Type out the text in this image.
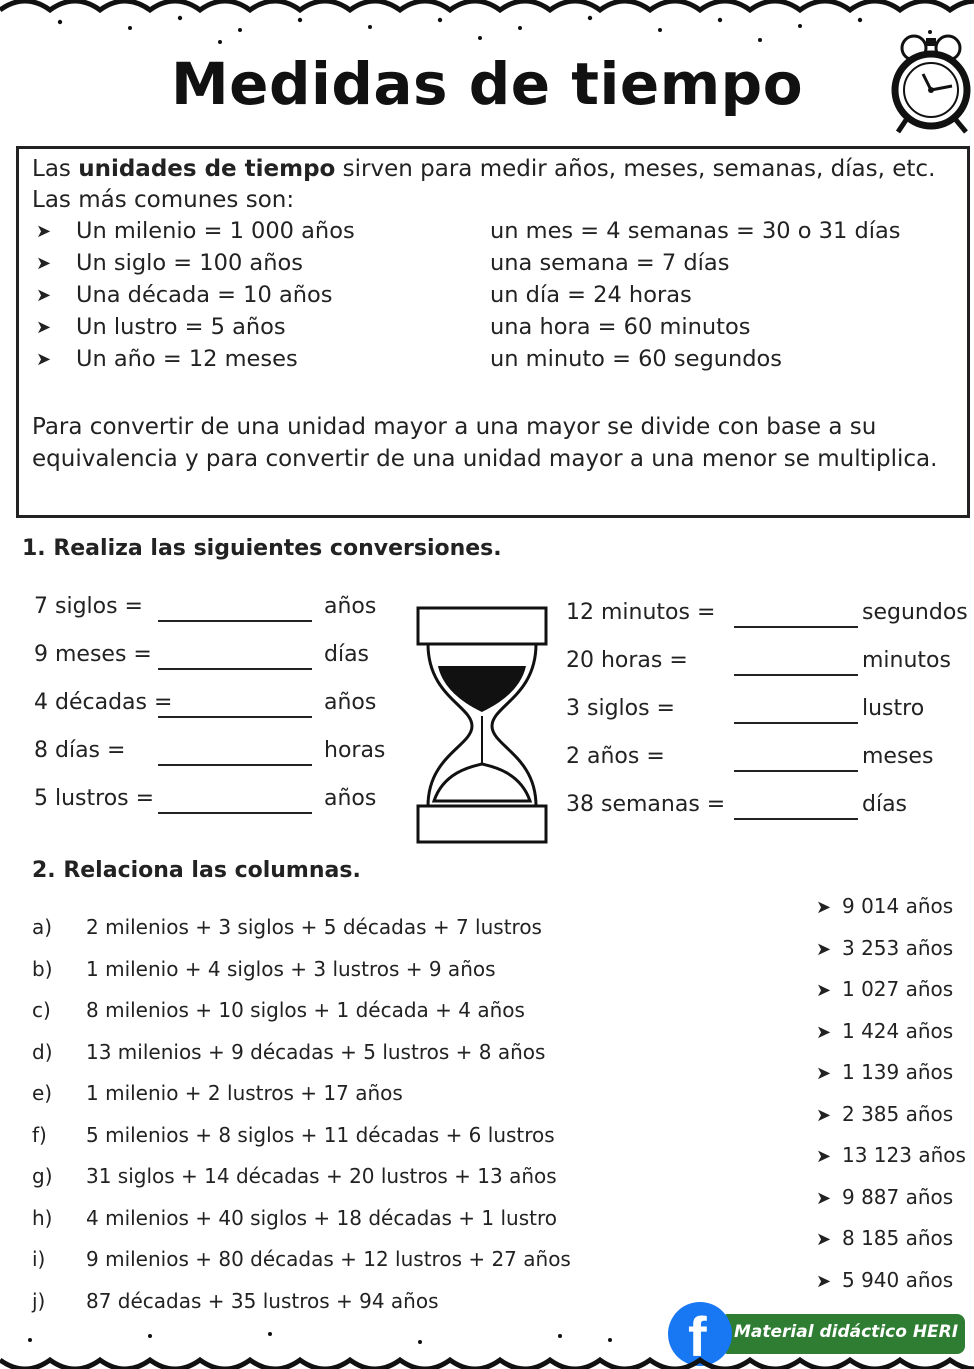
Medidas de tiempo
Las unidades de tiempo sirven para medir años, meses, semanas, días, etc. Las más comunes son:
➤ Un milenio = 1 000 años
➤ Un siglo = 100 años
➤ Una década = 10 años
➤ Un lustro = 5 años
➤ Un año = 12 meses
un mes = 4 semanas = 30 o 31 días
una semana = 7 días
un día = 24 horas
una hora = 60 minutos
un minuto = 60 segundos
Para convertir de una unidad mayor a una mayor se divide con base a su equivalencia y para convertir de una unidad mayor a una menor se multiplica.
1. Realiza las siguientes conversiones.
7 siglos =	años
9 meses =	días
4 décadas =	años
8 días =	horas
5 lustros =	años
12 minutos =	segundos
20 horas =	minutos
3 siglos =	lustro
2 años =	meses
38 semanas =	días
2. Relaciona las columnas.
a) 2 milenios + 3 siglos + 5 décadas + 7 lustros
b) 1 milenio + 4 siglos + 3 lustros + 9 años
c) 8 milenios + 10 siglos + 1 década + 4 años
d) 13 milenios + 9 décadas + 5 lustros + 8 años
e) 1 milenio + 2 lustros + 17 años
f) 5 milenios + 8 siglos + 11 décadas + 6 lustros
g) 31 siglos + 14 décadas + 20 lustros + 13 años
h) 4 milenios + 40 siglos + 18 décadas + 1 lustro
i) 9 milenios + 80 décadas + 12 lustros + 27 años
j) 87 décadas + 35 lustros + 94 años
➤ 9 014 años
➤ 3 253 años
➤ 1 027 años
➤ 1 424 años
➤ 1 139 años
➤ 2 385 años
➤ 13 123 años
➤ 9 887 años
➤ 8 185 años
➤ 5 940 años
Material didáctico HERI
f
